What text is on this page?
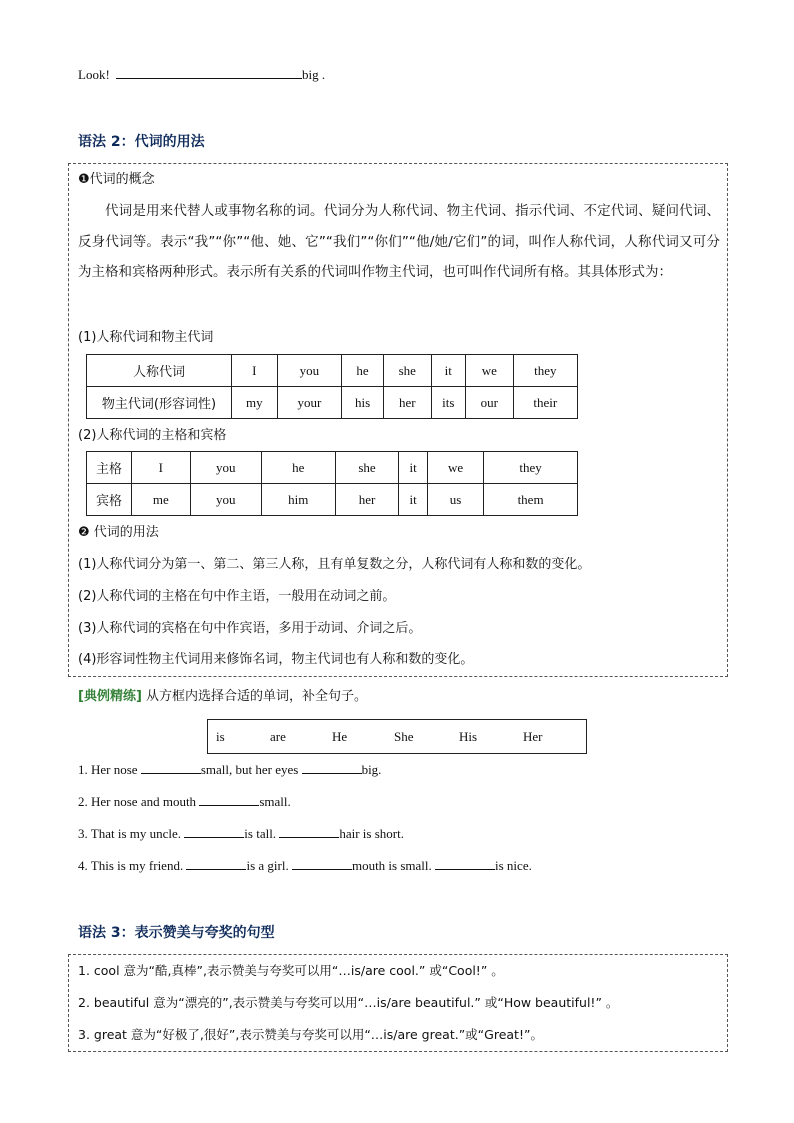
Look!	big .
语法 2：代词的用法
❶代词的概念
代词是用来代替人或事物名称的词。代词分为人称代词、物主代词、指示代词、不定代词、疑问代词、反身代词等。表示“我”“你”“他、她、它”“我们”“你们”“他/她/它们”的词，叫作人称代词，人称代词又可分为主格和宾格两种形式。表示所有关系的代词叫作物主代词，也可叫作代词所有格。其具体形式为：
(1)人称代词和物主代词
人称代词	I	you	he	she	it	we	they
物主代词(形容词性)	my	your	his	her	its	our	their
(2)人称代词的主格和宾格
主格	I	you	he	she	it	we	they
宾格	me	you	him	her	it	us	them
❷ 代词的用法
(1)人称代词分为第一、第二、第三人称，且有单复数之分，人称代词有人称和数的变化。
(2)人称代词的主格在句中作主语，一般用在动词之前。
(3)人称代词的宾格在句中作宾语，多用于动词、介词之后。
(4)形容词性物主代词用来修饰名词，物主代词也有人称和数的变化。
[典例精练] 从方框内选择合适的单词，补全句子。
is	are	He	She	His	Her
1. Her nose	small, but her eyes	big.
2. Her nose and mouth	small.
3. That is my uncle.	is tall.	hair is short.
4. This is my friend.	is a girl.	mouth is small.	is nice.
语法 3：表示赞美与夸奖的句型
1. cool 意为“酷,真棒”,表示赞美与夸奖可以用“…is/are cool.” 或“Cool!” 。
2. beautiful 意为“漂亮的”,表示赞美与夸奖可以用“…is/are beautiful.” 或“How beautiful!” 。
3. great 意为“好极了,很好”,表示赞美与夸奖可以用“…is/are great.”或“Great!”。
